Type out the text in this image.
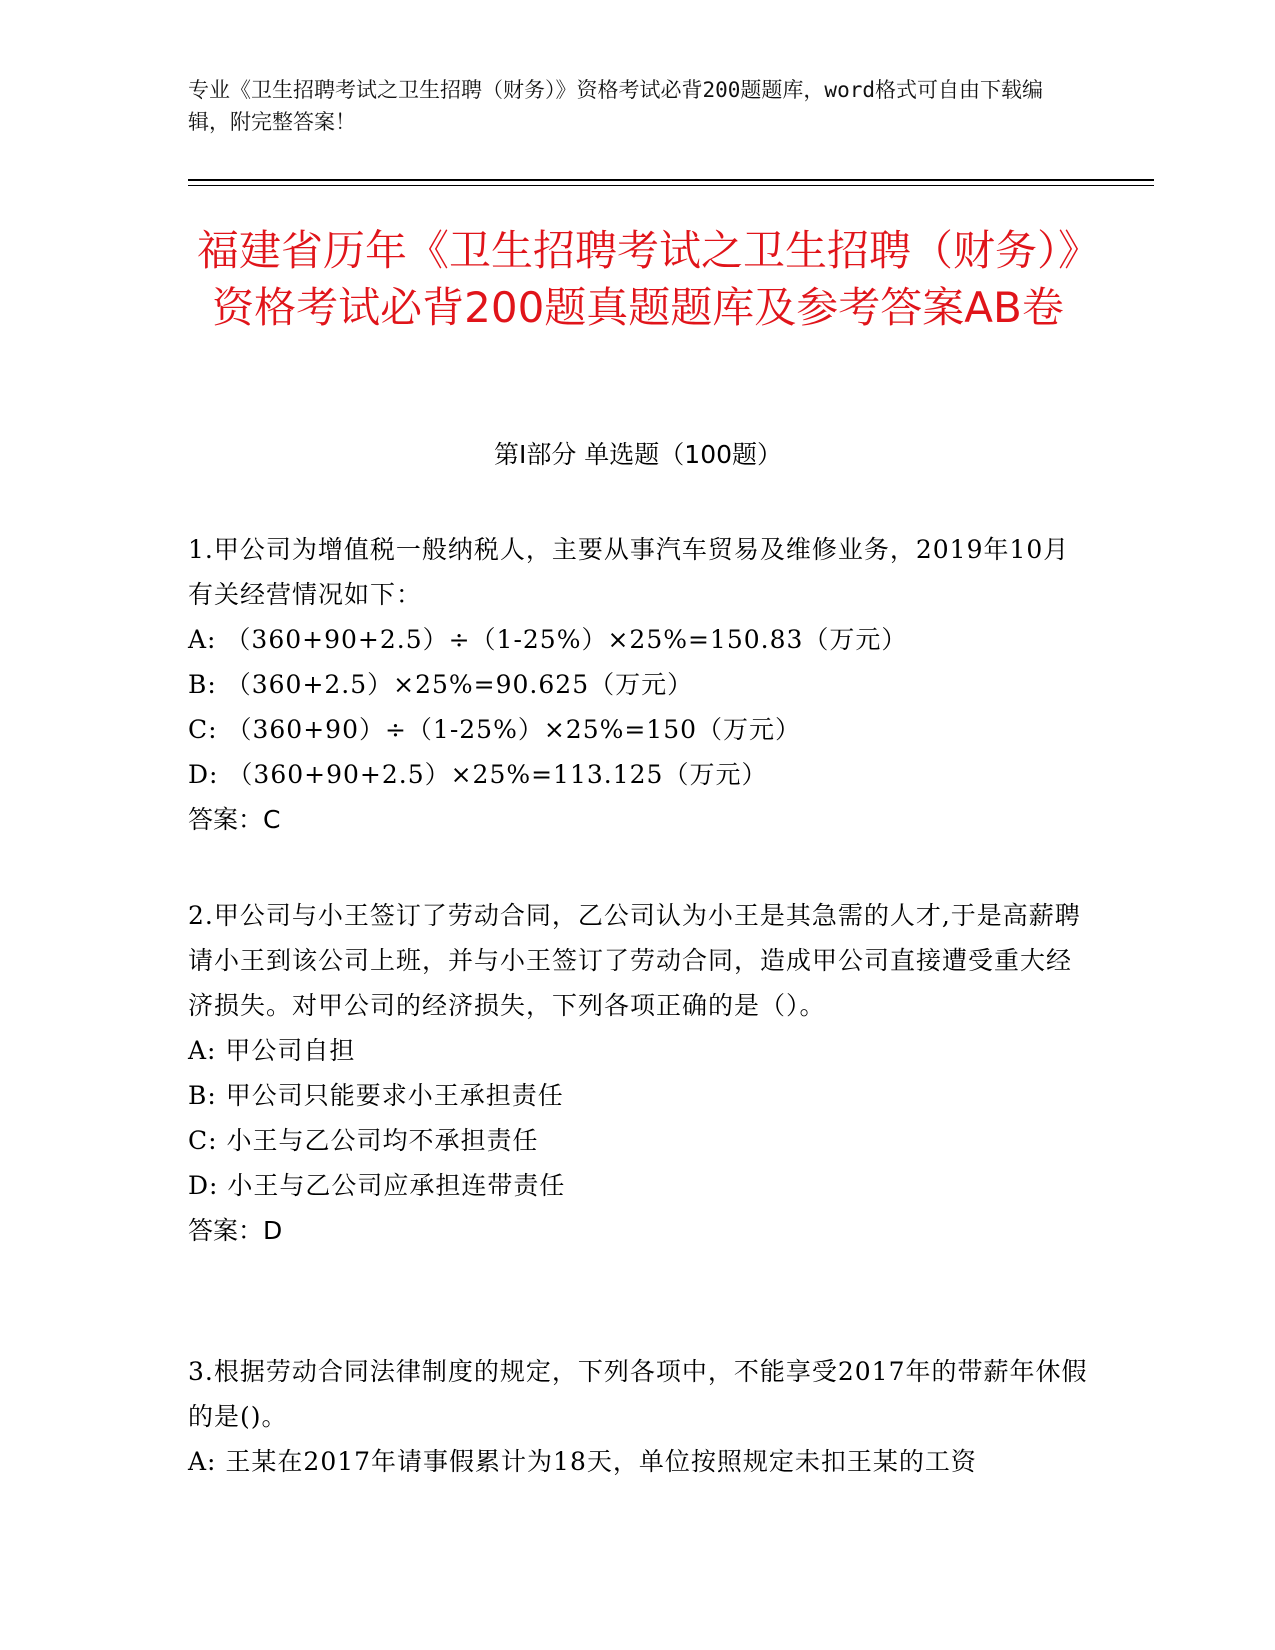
专业《卫生招聘考试之卫生招聘（财务）》资格考试必背200题题库，word格式可自由下载编辑，附完整答案！
福建省历年《卫生招聘考试之卫生招聘（财务）》资格考试必背200题真题题库及参考答案AB卷
第I部分 单选题（100题）

1.甲公司为增值税一般纳税人，主要从事汽车贸易及维修业务，2019年10月有关经营情况如下：

A: （360+90+2.5）÷（1-25%）×25%=150.83（万元）

B: （360+2.5）×25%=90.625（万元）

C: （360+90）÷（1-25%）×25%=150（万元）

D: （360+90+2.5）×25%=113.125（万元）

答案：C

2.甲公司与小王签订了劳动合同，乙公司认为小王是其急需的人才,于是高薪聘请小王到该公司上班，并与小王签订了劳动合同，造成甲公司直接遭受重大经济损失。对甲公司的经济损失，下列各项正确的是（）。

A: 甲公司自担

B: 甲公司只能要求小王承担责任

C: 小王与乙公司均不承担责任

D: 小王与乙公司应承担连带责任

答案：D

3.根据劳动合同法律制度的规定，下列各项中，不能享受2017年的带薪年休假的是()。

A: 王某在2017年请事假累计为18天，单位按照规定未扣王某的工资
